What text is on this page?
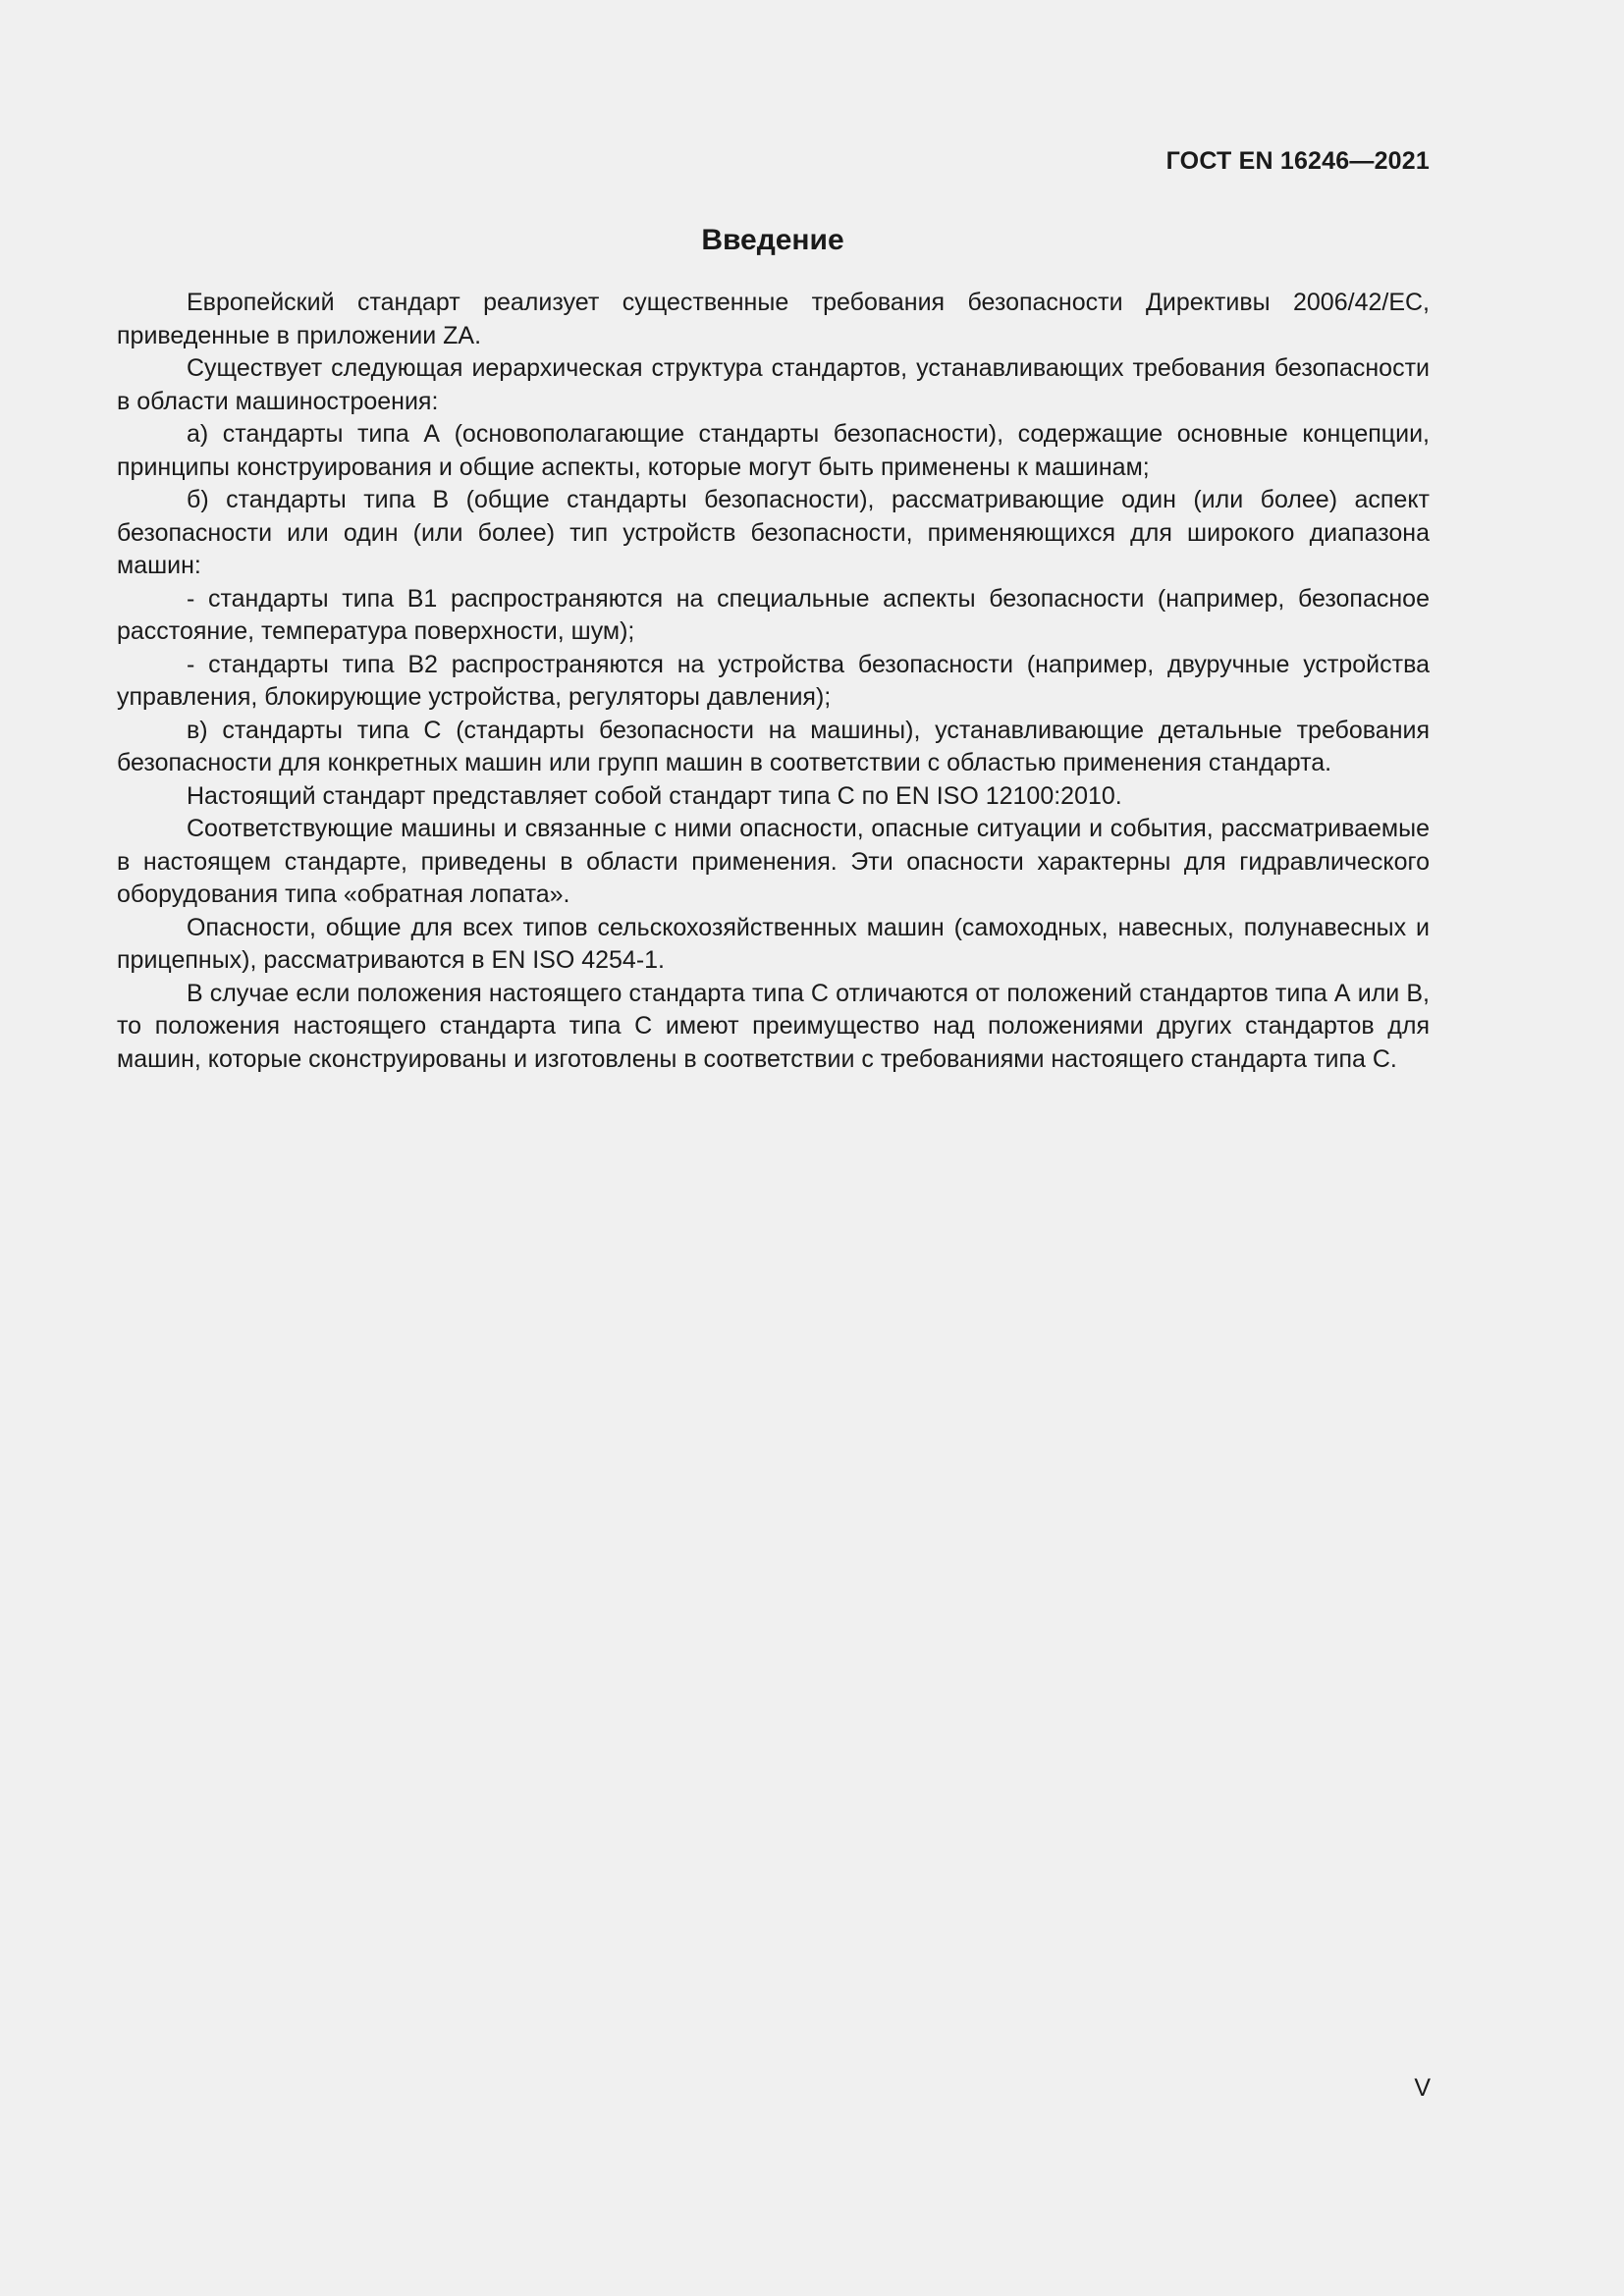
ГОСТ EN 16246—2021
Введение

Европейский стандарт реализует существенные требования безопасности Директивы 2006/42/ЕС, приведенные в приложении ZA.

Существует следующая иерархическая структура стандартов, устанавливающих требования безопасности в области машиностроения:

а) стандарты типа А (основополагающие стандарты безопасности), содержащие основные концепции, принципы конструирования и общие аспекты, которые могут быть применены к машинам;

б) стандарты типа В (общие стандарты безопасности), рассматривающие один (или более) аспект безопасности или один (или более) тип устройств безопасности, применяющихся для широкого диапазона машин:

- стандарты типа В1 распространяются на специальные аспекты безопасности (например, безопасное расстояние, температура поверхности, шум);

- стандарты типа В2 распространяются на устройства безопасности (например, двуручные устройства управления, блокирующие устройства, регуляторы давления);

в) стандарты типа С (стандарты безопасности на машины), устанавливающие детальные требования безопасности для конкретных машин или групп машин в соответствии с областью применения стандарта.

Настоящий стандарт представляет собой стандарт типа С по EN ISO 12100:2010.

Соответствующие машины и связанные с ними опасности, опасные ситуации и события, рассматриваемые в настоящем стандарте, приведены в области применения. Эти опасности характерны для гидравлического оборудования типа «обратная лопата».

Опасности, общие для всех типов сельскохозяйственных машин (самоходных, навесных, полунавесных и прицепных), рассматриваются в EN ISO 4254-1.

В случае если положения настоящего стандарта типа С отличаются от положений стандартов типа А или В, то положения настоящего стандарта типа С имеют преимущество над положениями других стандартов для машин, которые сконструированы и изготовлены в соответствии с требованиями настоящего стандарта типа С.

V
